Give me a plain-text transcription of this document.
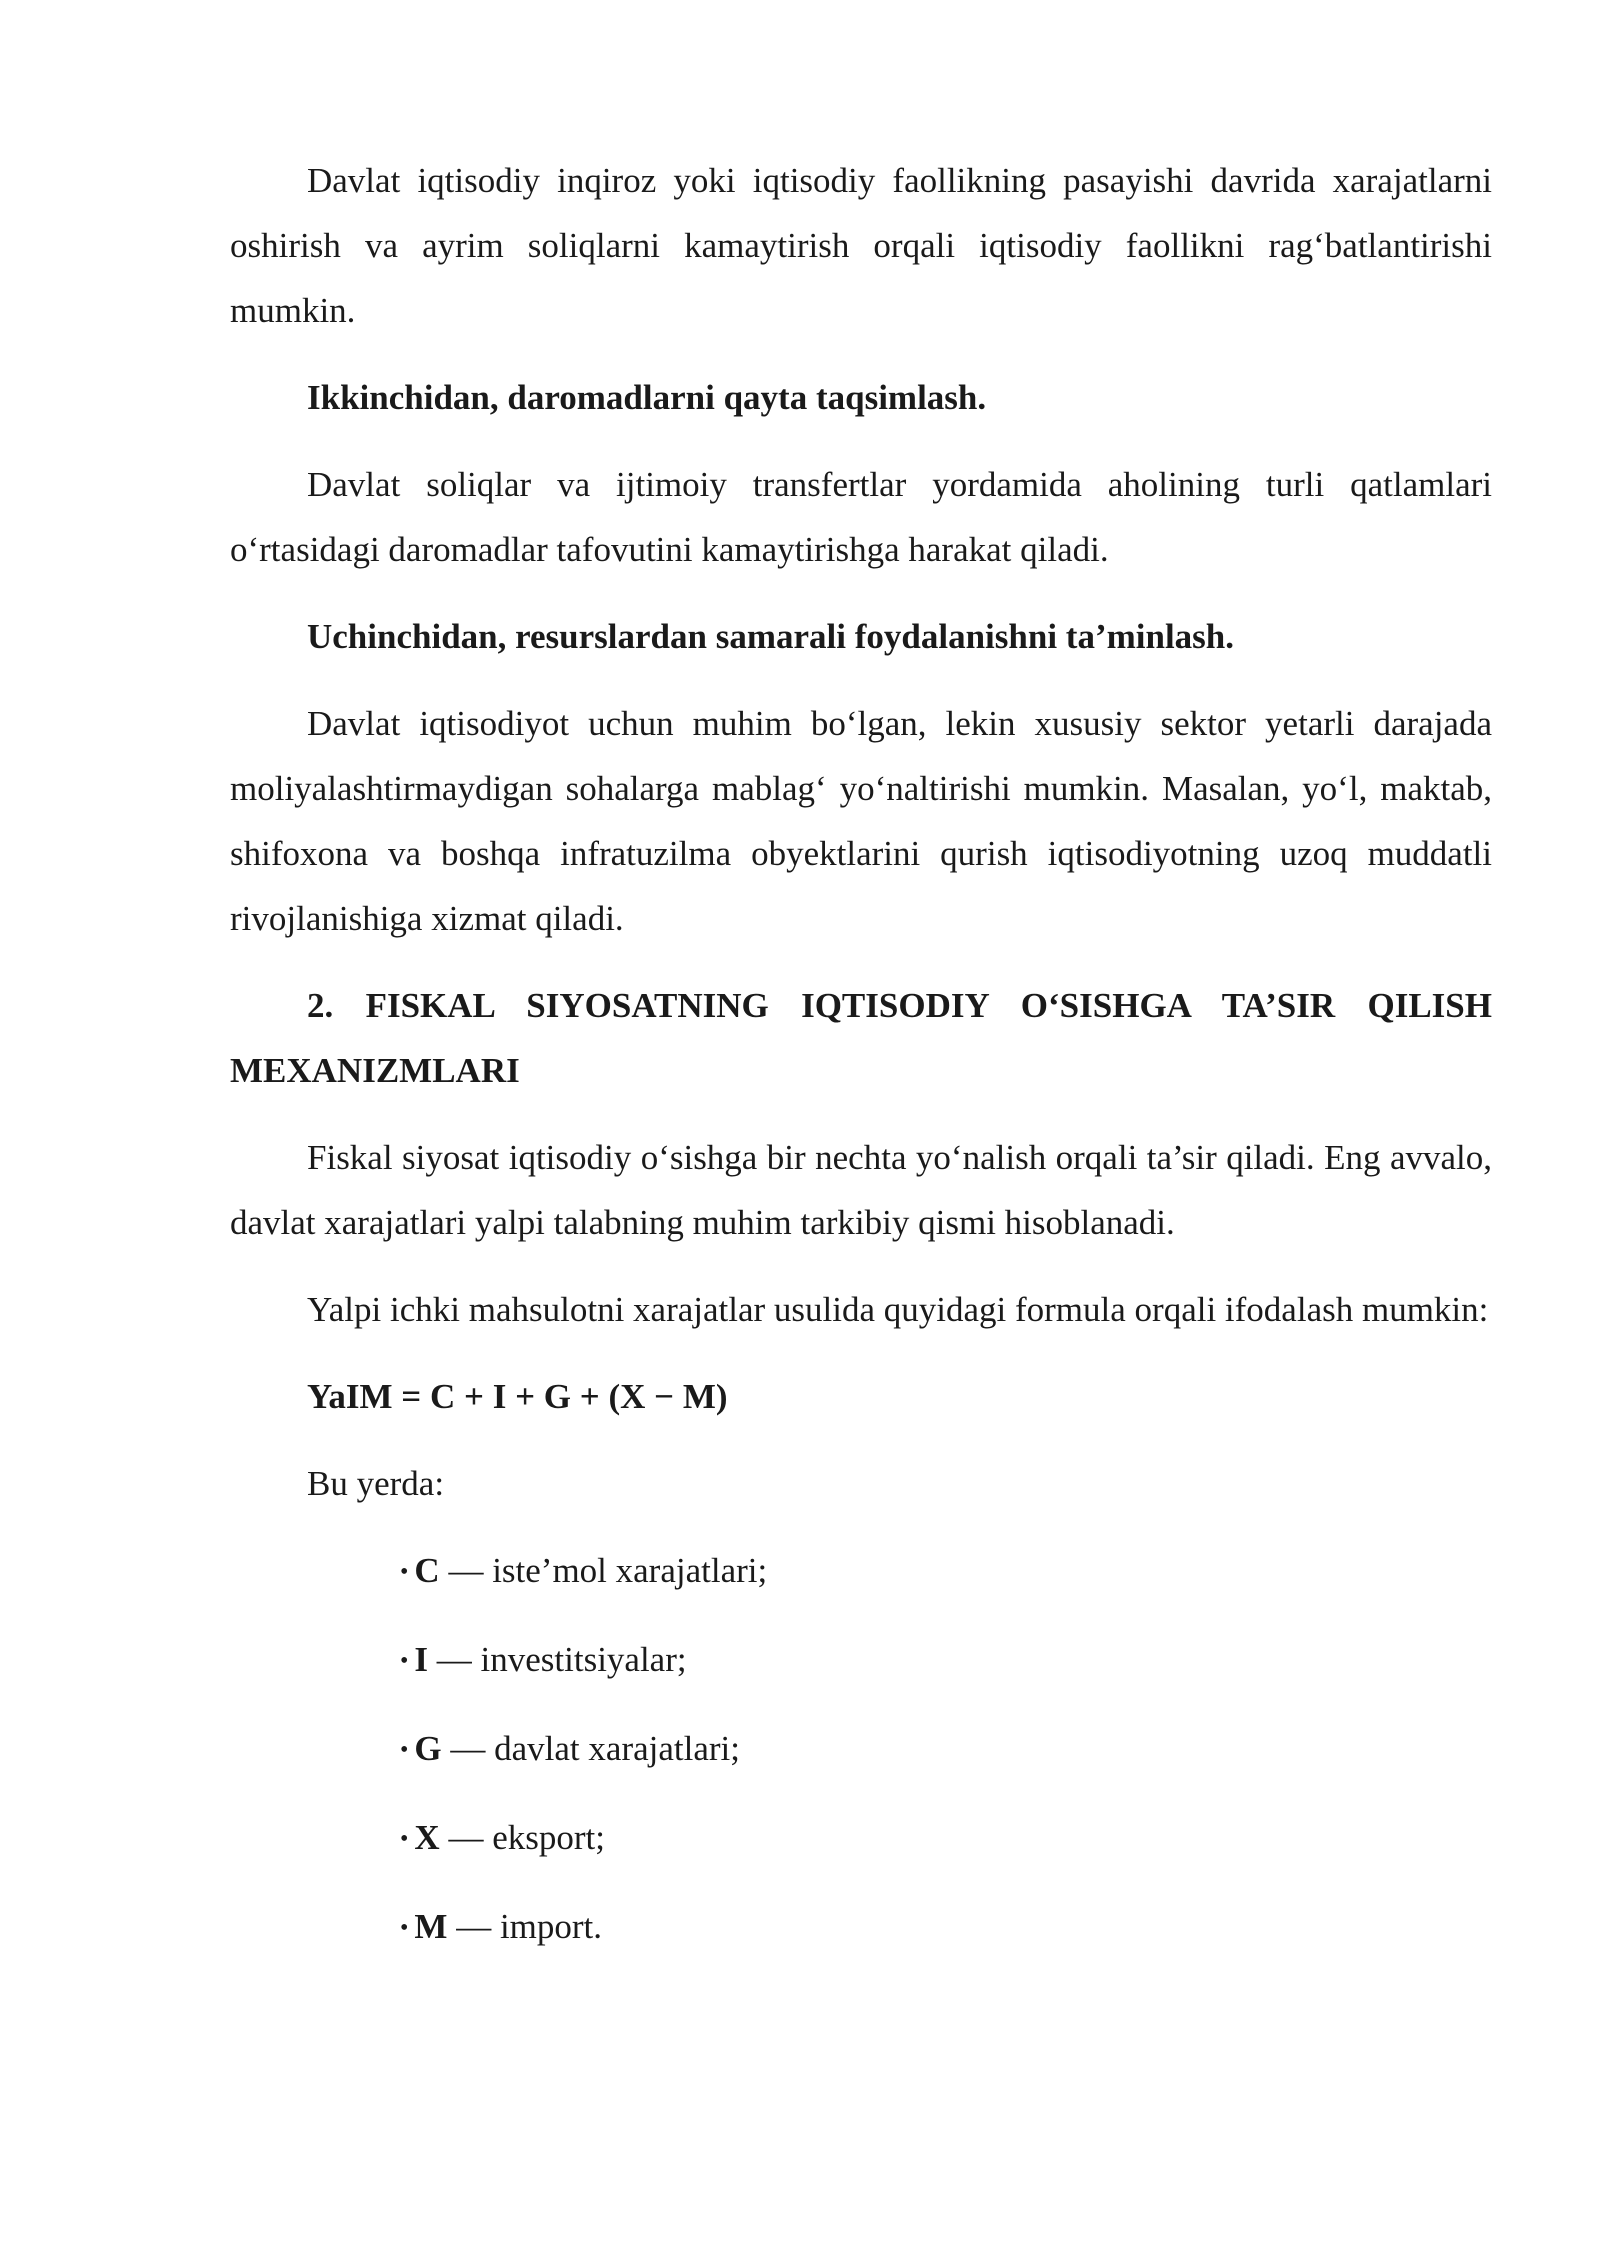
Davlat iqtisodiy inqiroz yoki iqtisodiy faollikning pasayishi davrida xarajatlarni oshirish va ayrim soliqlarni kamaytirish orqali iqtisodiy faollikni rag‘batlantirishi mumkin.

Ikkinchidan, daromadlarni qayta taqsimlash.

Davlat soliqlar va ijtimoiy transfertlar yordamida aholining turli qatlamlari o‘rtasidagi daromadlar tafovutini kamaytirishga harakat qiladi.

Uchinchidan, resurslardan samarali foydalanishni ta’minlash.

Davlat iqtisodiyot uchun muhim bo‘lgan, lekin xususiy sektor yetarli darajada moliyalashtirmaydigan sohalarga mablag‘ yo‘naltirishi mumkin. Masalan, yo‘l, maktab, shifoxona va boshqa infratuzilma obyektlarini qurish iqtisodiyotning uzoq muddatli rivojlanishiga xizmat qiladi.

2. FISKAL SIYOSATNING IQTISODIY O‘SISHGA TA’SIR QILISH MEXANIZMLARI

Fiskal siyosat iqtisodiy o‘sishga bir nechta yo‘nalish orqali ta’sir qiladi. Eng avvalo, davlat xarajatlari yalpi talabning muhim tarkibiy qismi hisoblanadi.

Yalpi ichki mahsulotni xarajatlar usulida quyidagi formula orqali ifodalash mumkin:

YaIM = C + I + G + (X − M)

Bu yerda:

• C — iste’mol xarajatlari;
• I — investitsiyalar;
• G — davlat xarajatlari;
• X — eksport;
• M — import.
